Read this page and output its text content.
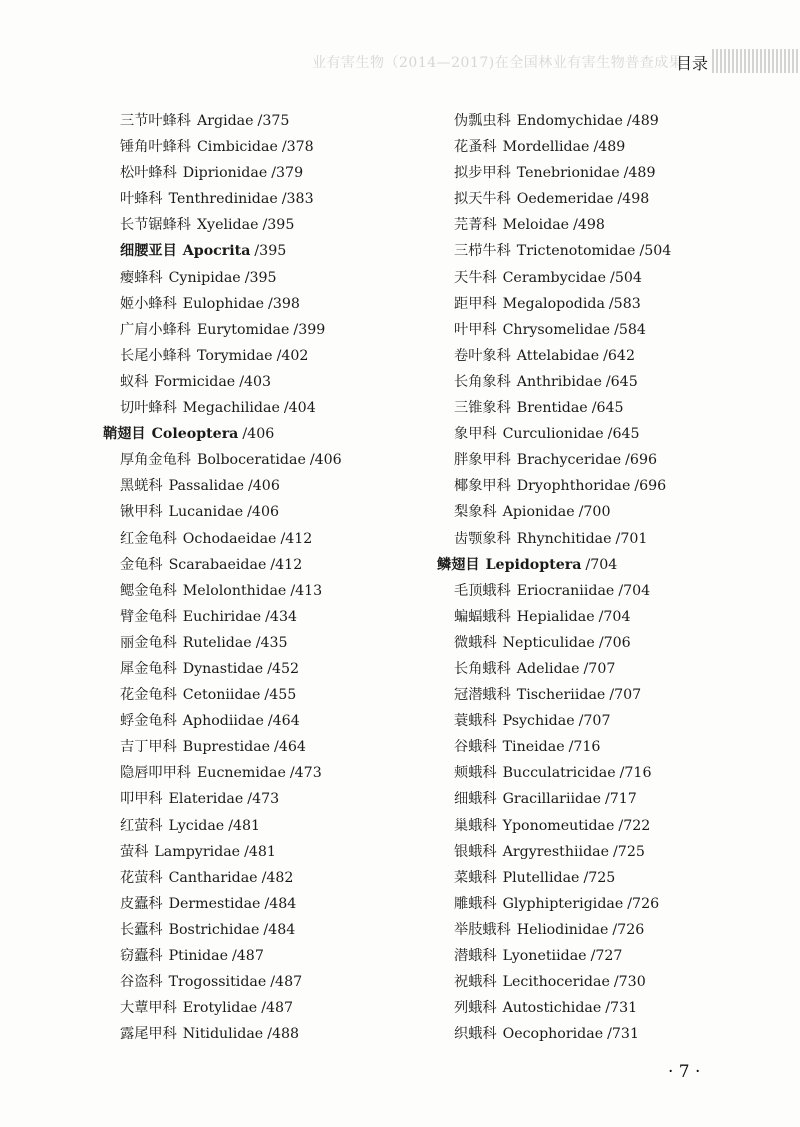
业有害生物（2014—2017)在全国林业有害生物普查成果
目录
三节叶蜂科 Argidae /375
锤角叶蜂科 Cimbicidae /378
松叶蜂科 Diprionidae /379
叶蜂科 Tenthredinidae /383
长节锯蜂科 Xyelidae /395
细腰亚目 Apocrita /395
瘿蜂科 Cynipidae /395
姬小蜂科 Eulophidae /398
广肩小蜂科 Eurytomidae /399
长尾小蜂科 Torymidae /402
蚁科 Formicidae /403
切叶蜂科 Megachilidae /404
鞘翅目 Coleoptera /406
厚角金龟科 Bolboceratidae /406
黑蜣科 Passalidae /406
锹甲科 Lucanidae /406
红金龟科 Ochodaeidae /412
金龟科 Scarabaeidae /412
鳃金龟科 Melolonthidae /413
臂金龟科 Euchiridae /434
丽金龟科 Rutelidae /435
犀金龟科 Dynastidae /452
花金龟科 Cetoniidae /455
蜉金龟科 Aphodiidae /464
吉丁甲科 Buprestidae /464
隐唇叩甲科 Eucnemidae /473
叩甲科 Elateridae /473
红萤科 Lycidae /481
萤科 Lampyridae /481
花萤科 Cantharidae /482
皮蠹科 Dermestidae /484
长蠹科 Bostrichidae /484
窃蠹科 Ptinidae /487
谷盗科 Trogossitidae /487
大蕈甲科 Erotylidae /487
露尾甲科 Nitidulidae /488
伪瓢虫科 Endomychidae /489
花蚤科 Mordellidae /489
拟步甲科 Tenebrionidae /489
拟天牛科 Oedemeridae /498
芫菁科 Meloidae /498
三栉牛科 Trictenotomidae /504
天牛科 Cerambycidae /504
距甲科 Megalopodida /583
叶甲科 Chrysomelidae /584
卷叶象科 Attelabidae /642
长角象科 Anthribidae /645
三锥象科 Brentidae /645
象甲科 Curculionidae /645
胖象甲科 Brachyceridae /696
椰象甲科 Dryophthoridae /696
梨象科 Apionidae /700
齿颚象科 Rhynchitidae /701
鳞翅目 Lepidoptera /704
毛顶蛾科 Eriocraniidae /704
蝙蝠蛾科 Hepialidae /704
微蛾科 Nepticulidae /706
长角蛾科 Adelidae /707
冠潜蛾科 Tischeriidae /707
蓑蛾科 Psychidae /707
谷蛾科 Tineidae /716
颊蛾科 Bucculatricidae /716
细蛾科 Gracillariidae /717
巢蛾科 Yponomeutidae /722
银蛾科 Argyresthiidae /725
菜蛾科 Plutellidae /725
雕蛾科 Glyphipterigidae /726
举肢蛾科 Heliodinidae /726
潜蛾科 Lyonetiidae /727
祝蛾科 Lecithoceridae /730
列蛾科 Autostichidae /731
织蛾科 Oecophoridae /731
· 7 ·
